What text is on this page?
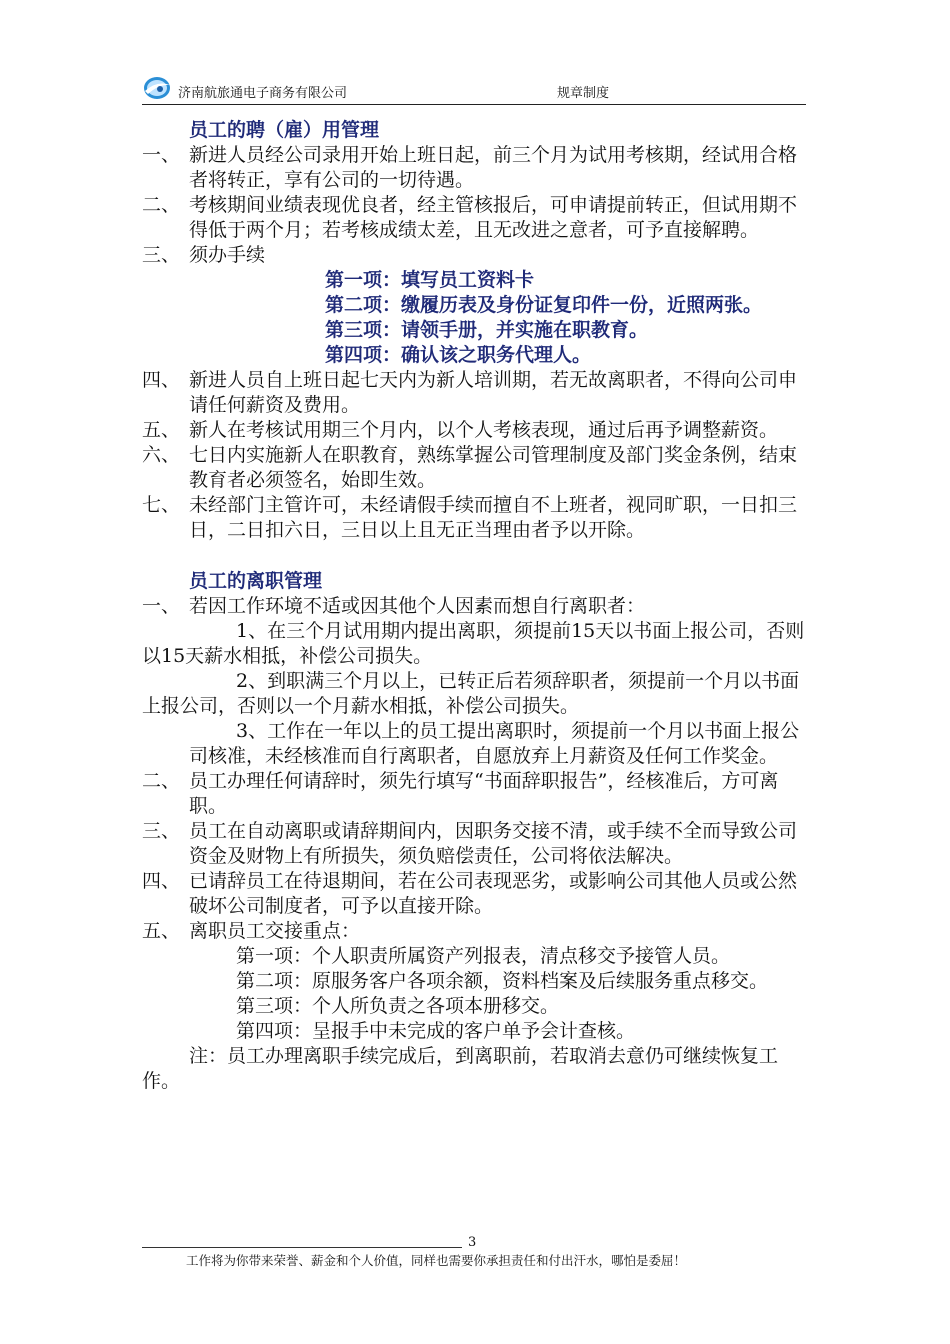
济南航旅通电子商务有限公司	规章制度
员工的聘（雇）用管理
一、 新进人员经公司录用开始上班日起，前三个月为试用考核期，经试用合格者将转正，享有公司的一切待遇。
二、 考核期间业绩表现优良者，经主管核报后，可申请提前转正，但试用期不得低于两个月；若考核成绩太差，且无改进之意者，可予直接解聘。
三、 须办手续
第一项：填写员工资料卡
第二项：缴履历表及身份证复印件一份，近照两张。
第三项：请领手册，并实施在职教育。
第四项：确认该之职务代理人。
四、 新进人员自上班日起七天内为新人培训期，若无故离职者，不得向公司申请任何薪资及费用。
五、 新人在考核试用期三个月内，以个人考核表现，通过后再予调整薪资。
六、 七日内实施新人在职教育，熟练掌握公司管理制度及部门奖金条例，结束教育者必须签名，始即生效。
七、 未经部门主管许可，未经请假手续而擅自不上班者，视同旷职，一日扣三日，二日扣六日，三日以上且无正当理由者予以开除。
员工的离职管理
一、 若因工作环境不适或因其他个人因素而想自行离职者：
1、在三个月试用期内提出离职，须提前15天以书面上报公司，否则以15天薪水相抵，补偿公司损失。
2、到职满三个月以上，已转正后若须辞职者，须提前一个月以书面上报公司，否则以一个月薪水相抵，补偿公司损失。
3、工作在一年以上的员工提出离职时，须提前一个月以书面上报公司核准，未经核准而自行离职者，自愿放弃上月薪资及任何工作奖金。
二、 员工办理任何请辞时，须先行填写“书面辞职报告”，经核准后，方可离职。
三、 员工在自动离职或请辞期间内，因职务交接不清，或手续不全而导致公司资金及财物上有所损失，须负赔偿责任，公司将依法解决。
四、 已请辞员工在待退期间，若在公司表现恶劣，或影响公司其他人员或公然破坏公司制度者，可予以直接开除。
五、 离职员工交接重点：
第一项：个人职责所属资产列报表，清点移交予接管人员。
第二项：原服务客户各项余额，资料档案及后续服务重点移交。
第三项：个人所负责之各项本册移交。
第四项：呈报手中未完成的客户单予会计查核。
注：员工办理离职手续完成后，到离职前，若取消去意仍可继续恢复工作。
3
工作将为你带来荣誉、薪金和个人价值，同样也需要你承担责任和付出汗水，哪怕是委屈！
